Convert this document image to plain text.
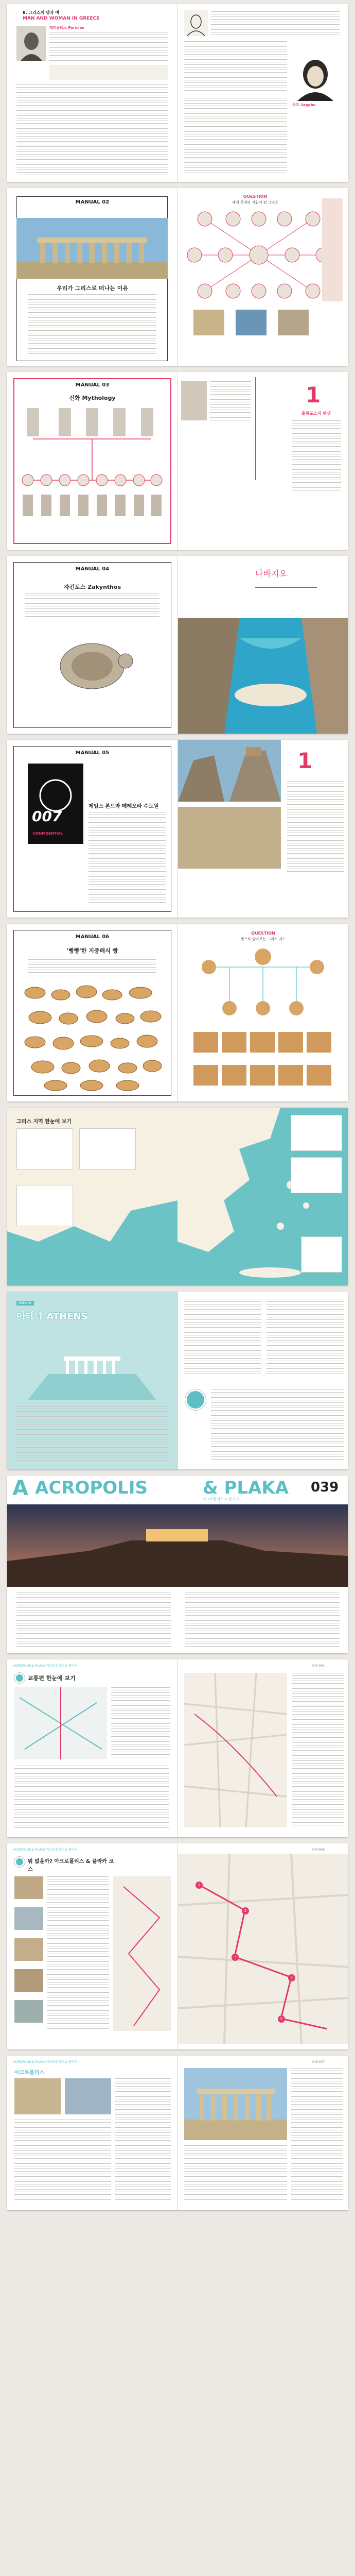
8. 그리스의 남과 여
MAN AND WOMAN IN GREECE
페리클레스 Pericles
사포 Sappho
MANUAL 02
우리가 그리스로 떠나는 이유
QUESTION
세계 문명의 기원이 된 그리스
MANUAL 03
신화 Mythology	1
올림포스의 탄생
MANUAL 04
자킨토스 Zakynthos
나바지오
MANUAL 05
007
CONFIDENTIAL
제임스 본드와 메테오라 수도원
1
MANUAL 06
'빵빵'한 지중해식 빵
QUESTION
빵으로 알아보는 그리스 지도
그리스 지역 한눈에 보기
AREA 01
아테네 ATHENS
A ACROPOLIS	& PLAKA 039
아크로폴리스 & 플라카
ACROPOLIS & PLAKA 아크로폴리스 & 플라카
교통편 한눈에 보기
040-041
ACROPOLIS & PLAKA 아크로폴리스 & 플라카
뭐 없을까? 아크로폴리스 & 플라카 코스
044-045
1
2
3
4
5
ACROPOLIS & PLAKA 아크로폴리스 & 플라카
아크로폴리스
046-047
